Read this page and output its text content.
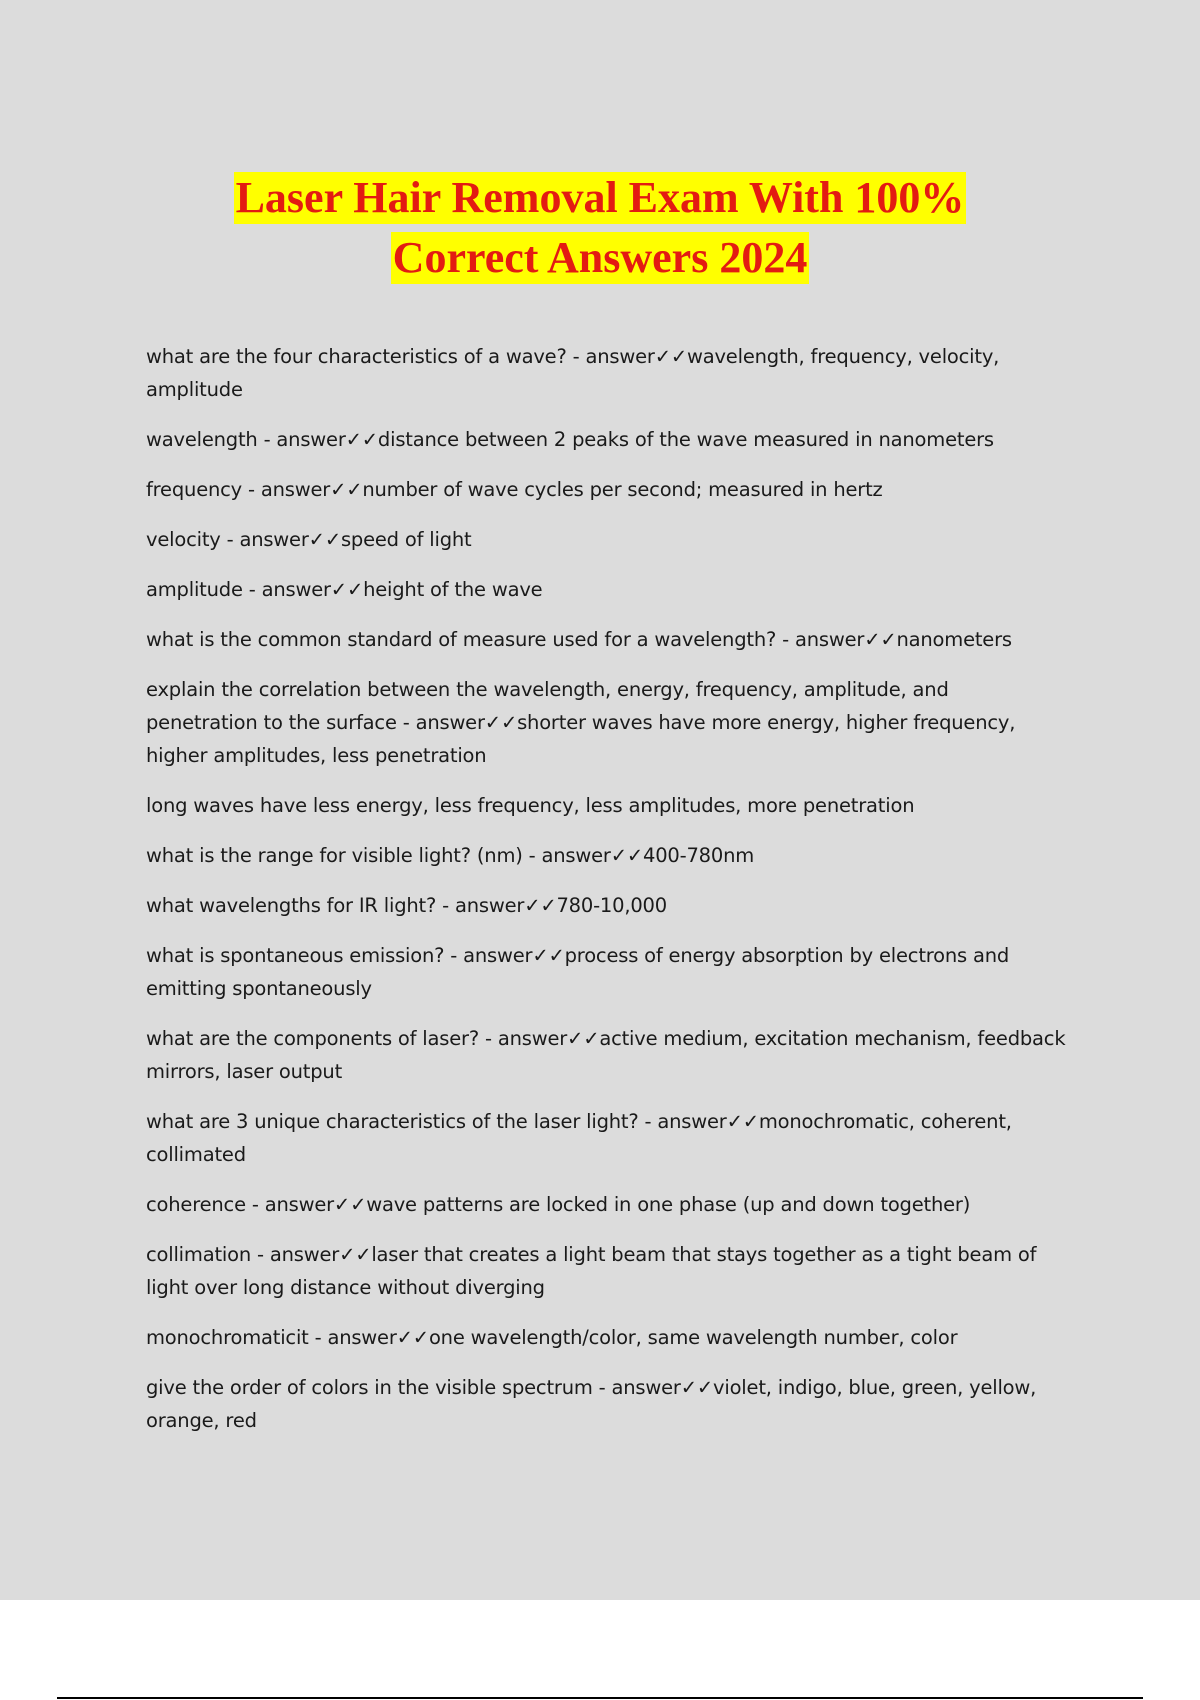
Laser Hair Removal Exam With 100%
Correct Answers 2024

what are the four characteristics of a wave? - answer✓✓wavelength, frequency, velocity, amplitude

wavelength - answer✓✓distance between 2 peaks of the wave measured in nanometers

frequency - answer✓✓number of wave cycles per second; measured in hertz

velocity - answer✓✓speed of light

amplitude - answer✓✓height of the wave

what is the common standard of measure used for a wavelength? - answer✓✓nanometers

explain the correlation between the wavelength, energy, frequency, amplitude, and penetration to the surface - answer✓✓shorter waves have more energy, higher frequency, higher amplitudes, less penetration

long waves have less energy, less frequency, less amplitudes, more penetration

what is the range for visible light? (nm) - answer✓✓400-780nm

what wavelengths for IR light? - answer✓✓780-10,000

what is spontaneous emission? - answer✓✓process of energy absorption by electrons and emitting spontaneously

what are the components of laser? - answer✓✓active medium, excitation mechanism, feedback mirrors, laser output

what are 3 unique characteristics of the laser light? - answer✓✓monochromatic, coherent, collimated

coherence - answer✓✓wave patterns are locked in one phase (up and down together)

collimation - answer✓✓laser that creates a light beam that stays together as a tight beam of light over long distance without diverging

monochromaticit - answer✓✓one wavelength/color, same wavelength number, color

give the order of colors in the visible spectrum - answer✓✓violet, indigo, blue, green, yellow, orange, red
